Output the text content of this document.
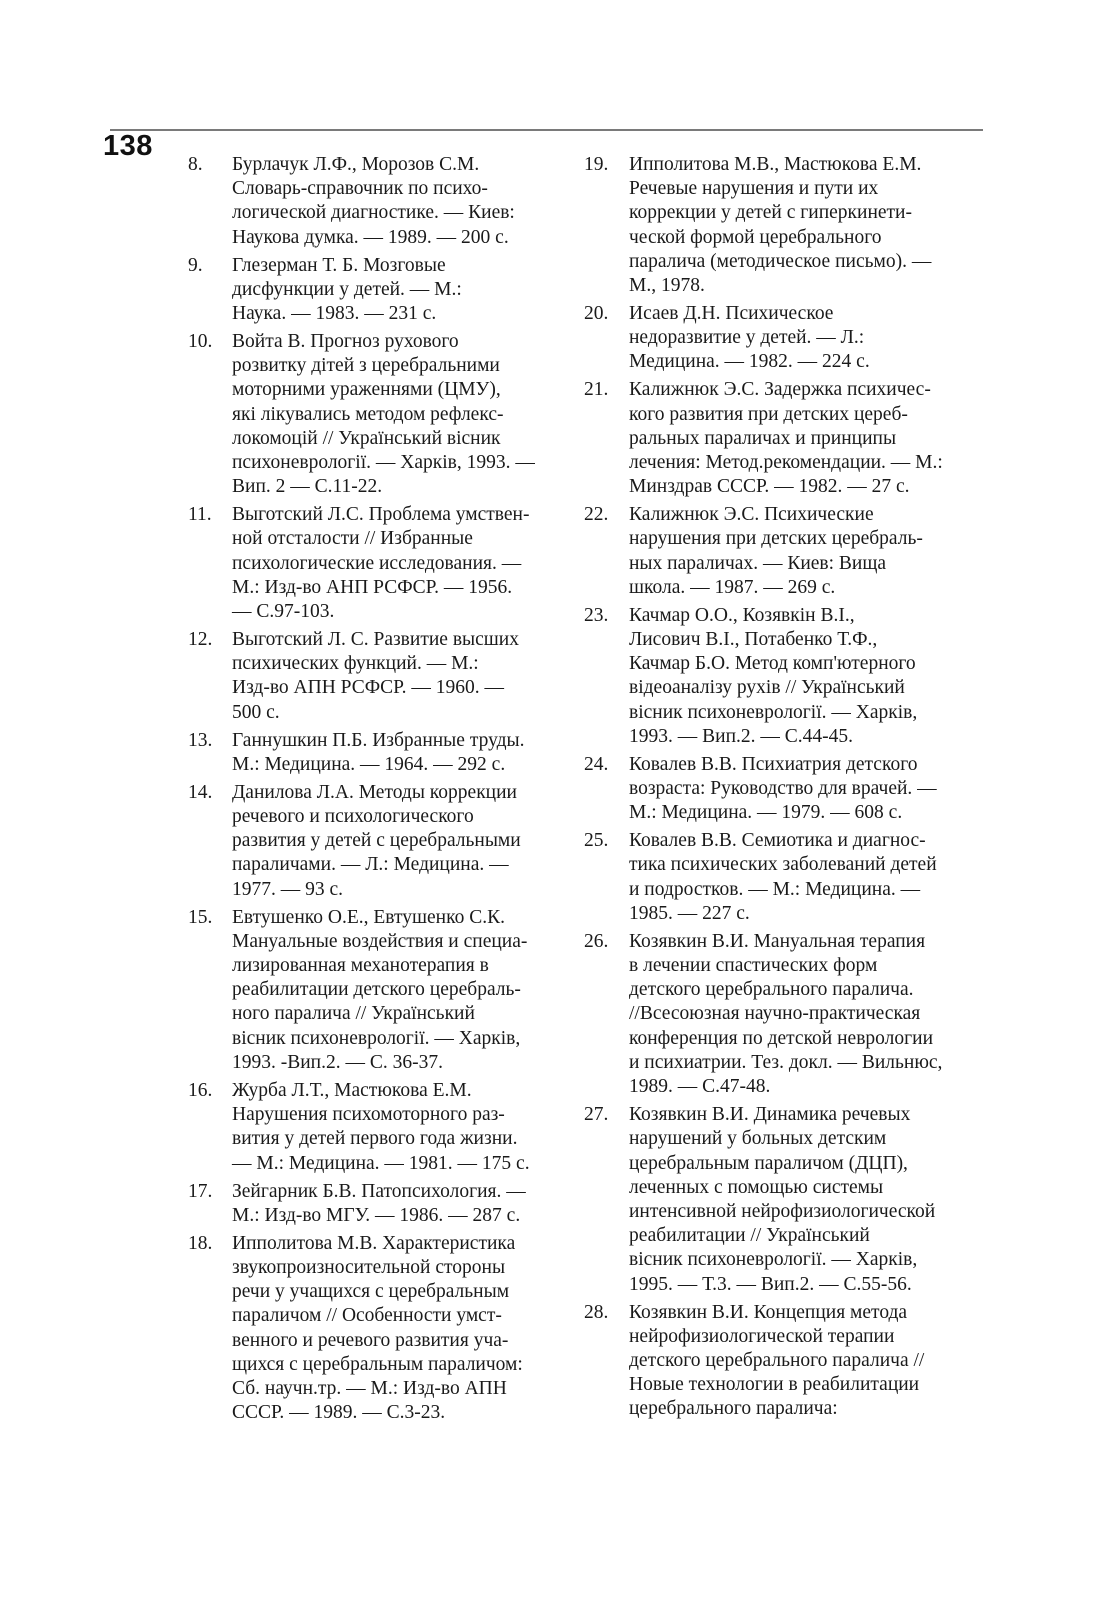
138
8.	Бурлачук Л.Ф., Морозов С.М.
Словарь-справочник по психо-
логической диагностике. — Киев:
Наукова думка. — 1989. — 200 с.
9.	Глезерман Т. Б. Мозговые
дисфункции у детей. — М.:
Наука. — 1983. — 231 с.
10.	Войта В. Прогноз рухового
розвитку дітей з церебральними
моторними ураженнями (ЦМУ),
які лікувались методом рефлекс-
локомоцій // Український вісник
психоневрології. — Харків, 1993. —
Вип. 2 — С.11-22.
11.	Выготский Л.С. Проблема умствен-
ной отсталости // Избранные
психологические исследования. —
М.: Изд-во АНП РСФСР. — 1956.
— С.97-103.
12.	Выготский Л. С. Развитие высших
психических функций. — М.:
Изд-во АПН РСФСР. — 1960. —
500 с.
13.	Ганнушкин П.Б. Избранные труды.
М.: Медицина. — 1964. — 292 с.
14.	Данилова Л.А. Методы коррекции
речевого и психологического
развития у детей с церебральными
параличами. — Л.: Медицина. —
1977. — 93 с.
15.	Евтушенко О.Е., Евтушенко С.К.
Мануальные воздействия и специа-
лизированная механотерапия в
реабилитации детского церебраль-
ного паралича // Український
вісник психоневрології. — Харків,
1993. -Вип.2. — С. 36-37.
16.	Журба Л.Т., Мастюкова Е.М.
Нарушения психомоторного раз-
вития у детей первого года жизни.
— М.: Медицина. — 1981. — 175 с.
17.	Зейгарник Б.В. Патопсихология. —
М.: Изд-во МГУ. — 1986. — 287 с.
18.	Ипполитова М.В. Характеристика
звукопроизносительной стороны
речи у учащихся с церебральным
параличом // Особенности умст-
венного и речевого развития уча-
щихся с церебральным параличом:
Сб. научн.тр. — М.: Изд-во АПН
СССР. — 1989. — С.3-23.
19.	Ипполитова М.В., Мастюкова Е.М.
Речевые нарушения и пути их
коррекции у детей с гиперкинети-
ческой формой церебрального
паралича (методическое письмо). —
М., 1978.
20.	Исаев Д.Н. Психическое
недоразвитие у детей. — Л.:
Медицина. — 1982. — 224 с.
21.	Калижнюк Э.С. Задержка психичес-
кого развития при детских цереб-
ральных параличах и принципы
лечения: Метод.рекомендации. — М.:
Минздрав СССР. — 1982. — 27 с.
22.	Калижнюк Э.С. Психические
нарушения при детских церебраль-
ных параличах. — Киев: Вища
школа. — 1987. — 269 с.
23.	Качмар О.О., Козявкін В.І.,
Лисович В.І., Потабенко Т.Ф.,
Качмар Б.О. Метод комп'ютерного
відеоаналізу рухів // Український
вісник психоневрології. — Харків,
1993. — Вип.2. — С.44-45.
24.	Ковалев В.В. Психиатрия детского
возраста: Руководство для врачей. —
М.: Медицина. — 1979. — 608 с.
25.	Ковалев В.В. Семиотика и диагнос-
тика психических заболеваний детей
и подростков. — М.: Медицина. —
1985. — 227 с.
26.	Козявкин В.И. Мануальная терапия
в лечении спастических форм
детского церебрального паралича.
//Всесоюзная научно-практическая
конференция по детской неврологии
и психиатрии. Тез. докл. — Вильнюс,
1989. — С.47-48.
27.	Козявкин В.И. Динамика речевых
нарушений у больных детским
церебральным параличом (ДЦП),
леченных с помощью системы
интенсивной нейрофизиологической
реабилитации // Український
вісник психоневрології. — Харків,
1995. — Т.3. — Вип.2. — С.55-56.
28.	Козявкин В.И. Концепция метода
нейрофизиологической терапии
детского церебрального паралича //
Новые технологии в реабилитации
церебрального паралича:
